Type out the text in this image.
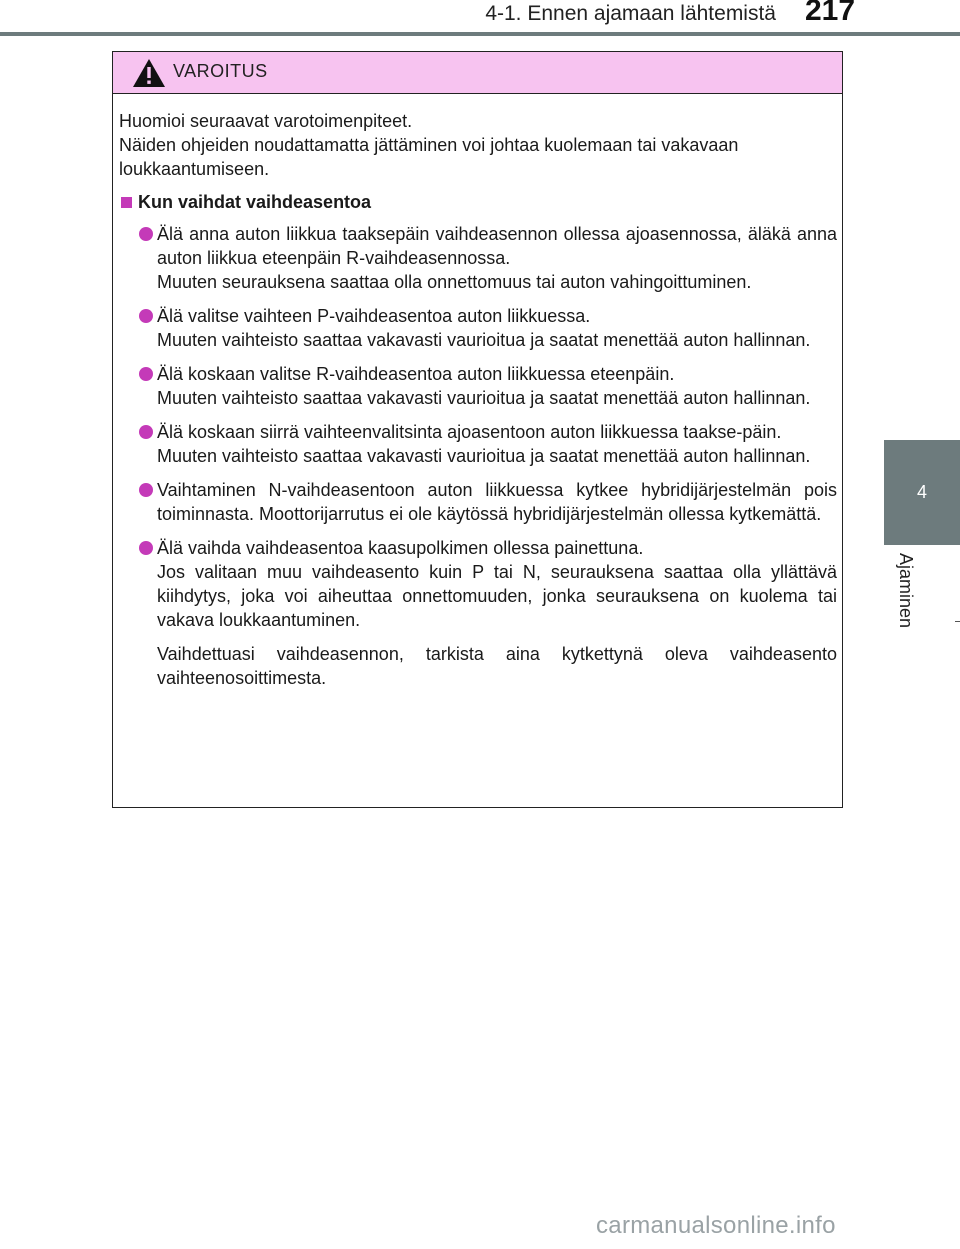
4-1. Ennen ajamaan lähtemistä 217
4
Ajaminen
VAROITUS

Huomioi seuraavat varotoimenpiteet.

Näiden ohjeiden noudattamatta jättäminen voi johtaa kuolemaan tai vakavaan loukkaantumiseen.

Kun vaihdat vaihdeasentoa
Älä anna auton liikkua taaksepäin vaihdeasennon ollessa ajoasennossa, äläkä anna auton liikkua eteenpäin R-vaihdeasennossa.
Muuten seurauksena saattaa olla onnettomuus tai auton vahingoittuminen.
Älä valitse vaihteen P-vaihdeasentoa auton liikkuessa.
Muuten vaihteisto saattaa vakavasti vaurioitua ja saatat menettää auton hallinnan.
Älä koskaan valitse R-vaihdeasentoa auton liikkuessa eteenpäin.
Muuten vaihteisto saattaa vakavasti vaurioitua ja saatat menettää auton hallinnan.
Älä koskaan siirrä vaihteenvalitsinta ajoasentoon auton liikkuessa taakse-päin.
Muuten vaihteisto saattaa vakavasti vaurioitua ja saatat menettää auton hallinnan.
Vaihtaminen N-vaihdeasentoon auton liikkuessa kytkee hybridijärjestelmän pois toiminnasta. Moottorijarrutus ei ole käytössä hybridijärjestelmän ollessa kytkemättä.
Älä vaihda vaihdeasentoa kaasupolkimen ollessa painettuna.
Jos valitaan muu vaihdeasento kuin P tai N, seurauksena saattaa olla yllättävä kiihdytys, joka voi aiheuttaa onnettomuuden, jonka seurauksena on kuolema tai vakava loukkaantuminen.

Vaihdettuasi vaihdeasennon, tarkista aina kytkettynä oleva vaihdeasento vaihteenosoittimesta.

carmanualsonline.info
